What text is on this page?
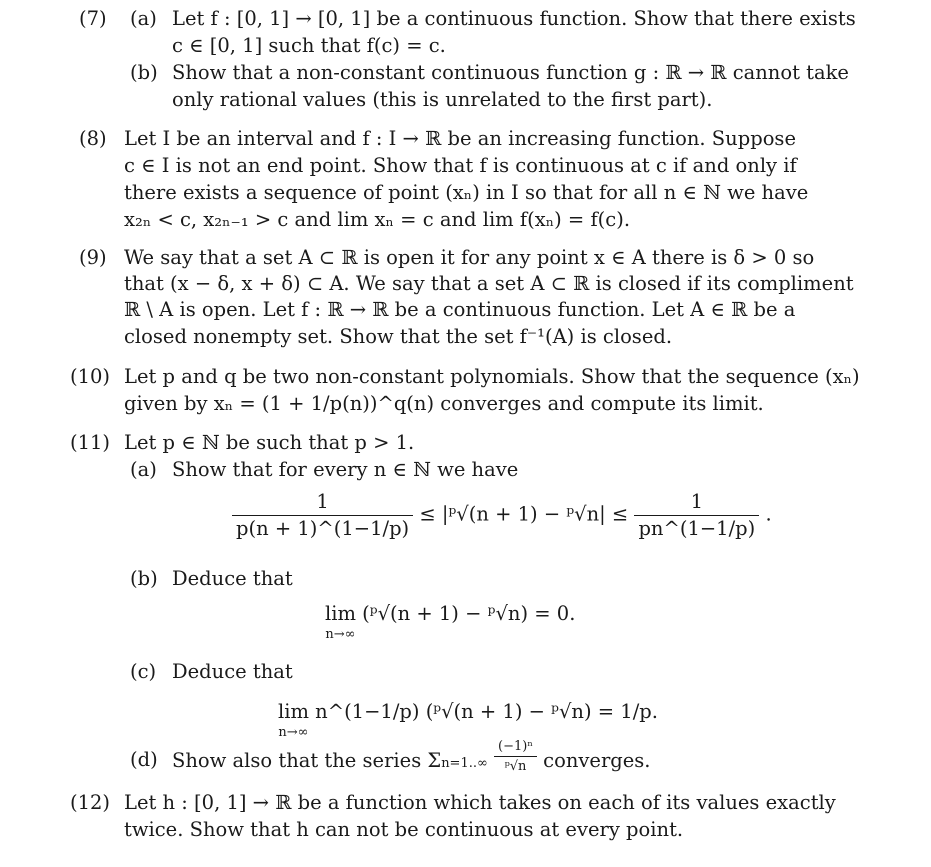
(7) (a) Let f : [0, 1] → [0, 1] be a continuous function. Show that there exists
c ∈ [0, 1] such that f(c) = c.
(b) Show that a non-constant continuous function g : ℝ → ℝ cannot take
only rational values (this is unrelated to the first part).
(8) Let I be an interval and f : I → ℝ be an increasing function. Suppose
c ∈ I is not an end point. Show that f is continuous at c if and only if
there exists a sequence of point (xₙ) in I so that for all n ∈ ℕ we have
x₂ₙ < c, x₂ₙ₋₁ > c and lim xₙ = c and lim f(xₙ) = f(c).
(9) We say that a set A ⊂ ℝ is open it for any point x ∈ A there is δ > 0 so
that (x − δ, x + δ) ⊂ A. We say that a set A ⊂ ℝ is closed if its compliment
ℝ \ A is open. Let f : ℝ → ℝ be a continuous function. Let A ∈ ℝ be a
closed nonempty set. Show that the set f⁻¹(A) is closed.
(10) Let p and q be two non-constant polynomials. Show that the sequence (xₙ)
given by xₙ = (1 + 1/p(n))^q(n) converges and compute its limit.
(11) Let p ∈ ℕ be such that p > 1.
(a) Show that for every n ∈ ℕ we have
$\frac{1}{p(n + 1)\^{}(1-1/p)}$ ≤ |ᵖ√(n + 1) − ᵖ√n| ≤ $\frac{1}{pn\^{}(1-1/p)}$ .
(b) Deduce that
lim
n→∞
(ᵖ√(n + 1) − ᵖ√n) = 0.
(c) Deduce that
lim
n→∞
n^(1−1/p) (ᵖ√(n + 1) − ᵖ√n) = 1/p.
(d) Show also that the series $\Sigma n=1..\infty \frac{\text{(−1)ⁿ}}{\text{ᵖ√n}}$ converges.
(12) Let h : [0, 1] → ℝ be a function which takes on each of its values exactly
twice. Show that h can not be continuous at every point.
